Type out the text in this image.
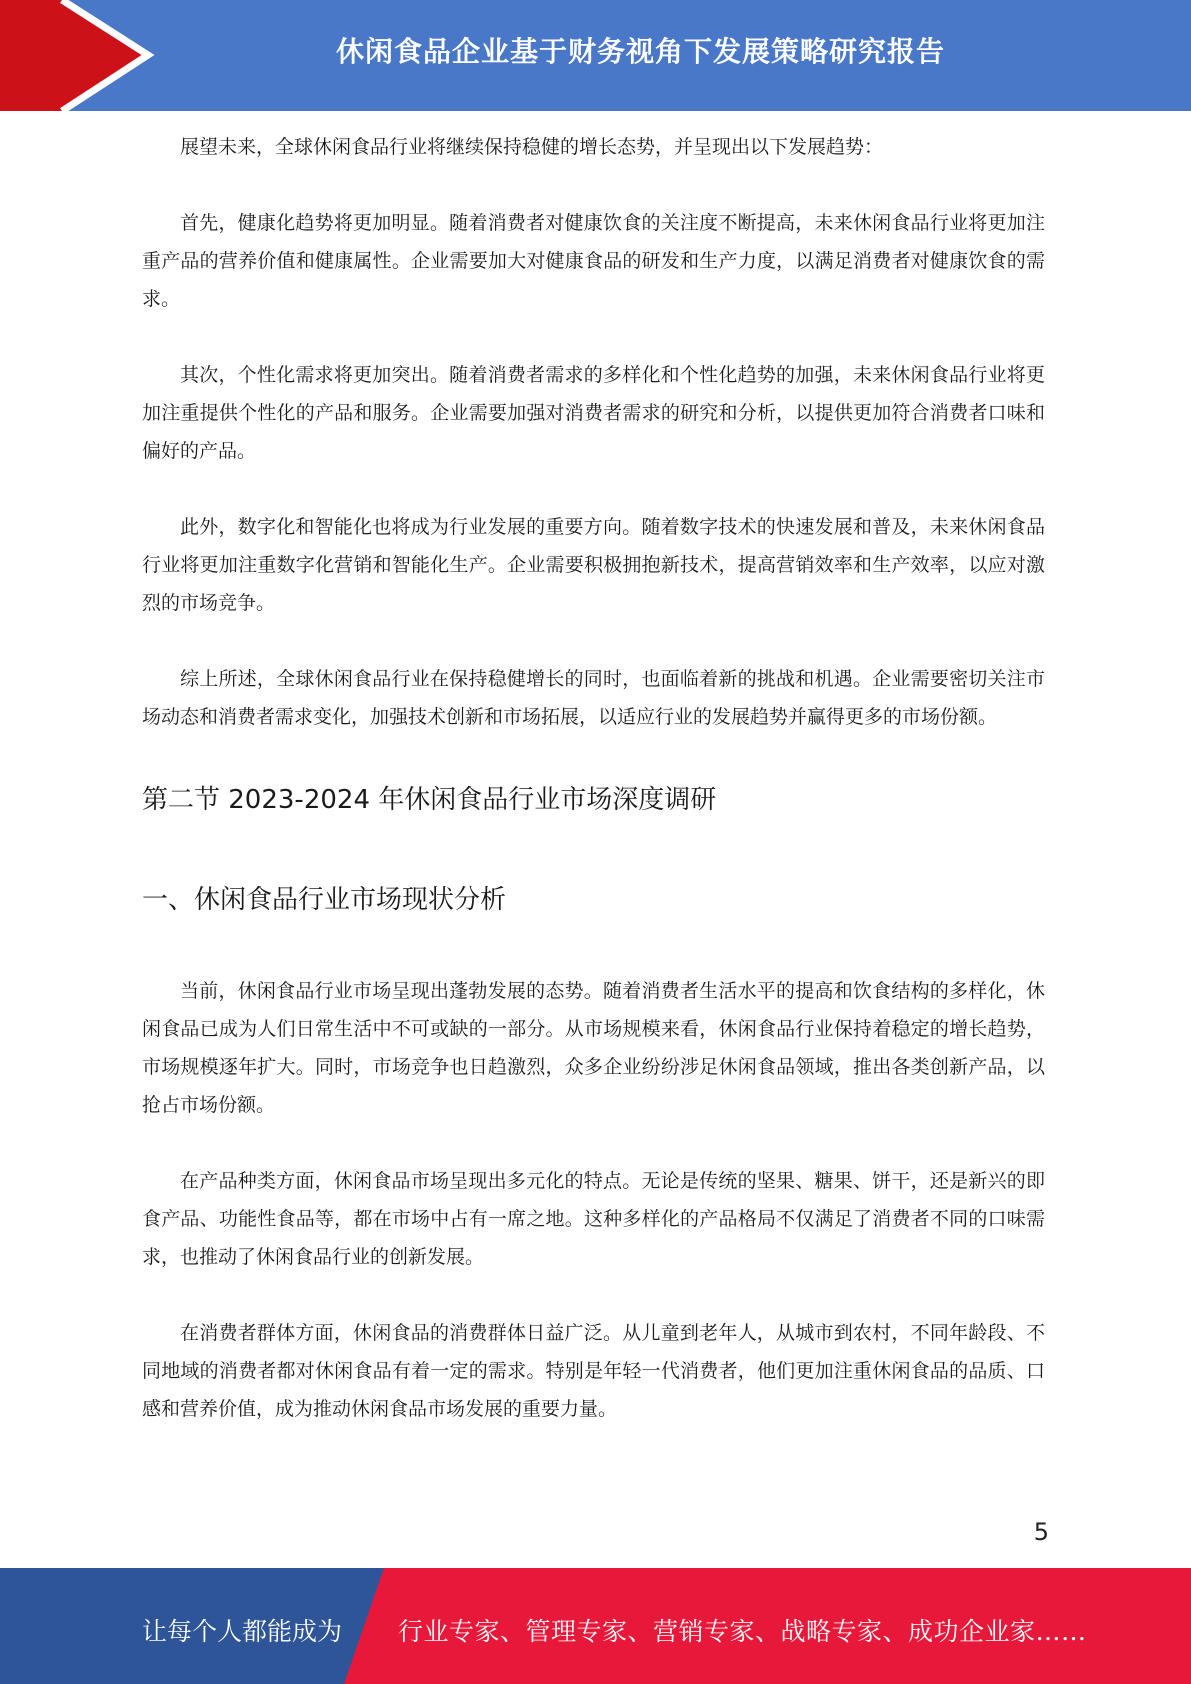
休闲食品企业基于财务视角下发展策略研究报告

展望未来，全球休闲食品行业将继续保持稳健的增长态势，并呈现出以下发展趋势：

首先，健康化趋势将更加明显。随着消费者对健康饮食的关注度不断提高，未来休闲食品行业将更加注重产品的营养价值和健康属性。企业需要加大对健康食品的研发和生产力度，以满足消费者对健康饮食的需求。

其次，个性化需求将更加突出。随着消费者需求的多样化和个性化趋势的加强，未来休闲食品行业将更加注重提供个性化的产品和服务。企业需要加强对消费者需求的研究和分析，以提供更加符合消费者口味和偏好的产品。

此外，数字化和智能化也将成为行业发展的重要方向。随着数字技术的快速发展和普及，未来休闲食品行业将更加注重数字化营销和智能化生产。企业需要积极拥抱新技术，提高营销效率和生产效率，以应对激烈的市场竞争。

综上所述，全球休闲食品行业在保持稳健增长的同时，也面临着新的挑战和机遇。企业需要密切关注市场动态和消费者需求变化，加强技术创新和市场拓展，以适应行业的发展趋势并赢得更多的市场份额。

第二节 2023-2024 年休闲食品行业市场深度调研
一、休闲食品行业市场现状分析

当前，休闲食品行业市场呈现出蓬勃发展的态势。随着消费者生活水平的提高和饮食结构的多样化，休闲食品已成为人们日常生活中不可或缺的一部分。从市场规模来看，休闲食品行业保持着稳定的增长趋势，市场规模逐年扩大。同时，市场竞争也日趋激烈，众多企业纷纷涉足休闲食品领域，推出各类创新产品，以抢占市场份额。

在产品种类方面，休闲食品市场呈现出多元化的特点。无论是传统的坚果、糖果、饼干，还是新兴的即食产品、功能性食品等，都在市场中占有一席之地。这种多样化的产品格局不仅满足了消费者不同的口味需求，也推动了休闲食品行业的创新发展。

在消费者群体方面，休闲食品的消费群体日益广泛。从儿童到老年人，从城市到农村，不同年龄段、不同地域的消费者都对休闲食品有着一定的需求。特别是年轻一代消费者，他们更加注重休闲食品的品质、口感和营养价值，成为推动休闲食品市场发展的重要力量。

5
让每个人都能成为 行业专家、管理专家、营销专家、战略专家、成功企业家……
